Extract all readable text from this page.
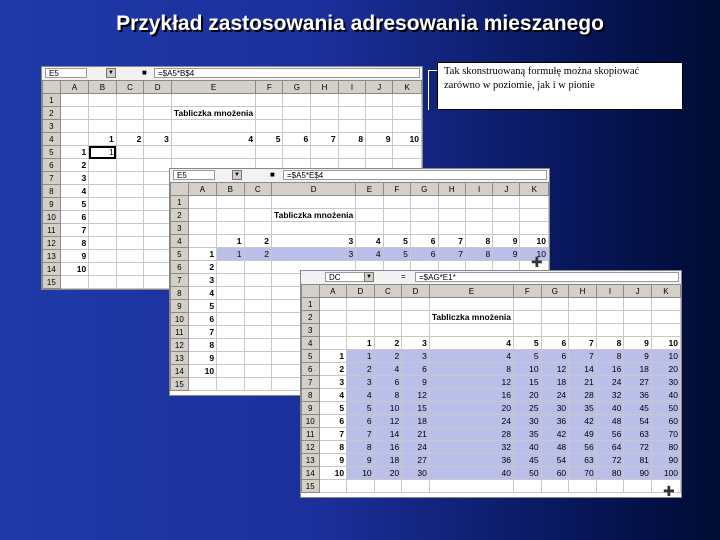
Przykład zastosowania adresowania mieszanego
Tak skonstruowaną formułę można skopiować zarówno w poziomie, jak i w pionie
E5	▼	■	=$A5*B$4
	A	B	C	D	E	F	G	H	I	J	K
1											
2					Tabliczka mnożenia						
3											
4		1	2	3	4	5	6	7	8	9	10
5	1	1									
6	2										
7	3										
8	4										
9	5										
10	6										
11	7										
12	8										
13	9										
14	10										
15											
E5	▼	■	=$A5*E$4
	A	B	C	D	E	F	G	H	I	J	K
1											
2				Tabliczka mnożenia							
3											
4		1	2	3	4	5	6	7	8	9	10
5	1	1	2	3	4	5	6	7	8	9	10
6	2										
7	3										
8	4										
9	5										
10	6										
11	7										
12	8										
13	9										
14	10										
15											
DC	▼	=	=$AG*E1*
	A	D	C	D	E	F	G	H	I	J	K
1											
2					Tabliczka mnożenia						
3											
4		1	2	3	4	5	6	7	8	9	10
5	1	1	2	3	4	5	6	7	8	9	10
6	2	2	4	6	8	10	12	14	16	18	20
7	3	3	6	9	12	15	18	21	24	27	30
8	4	4	8	12	16	20	24	28	32	36	40
9	5	5	10	15	20	25	30	35	40	45	50
10	6	6	12	18	24	30	36	42	48	54	60
11	7	7	14	21	28	35	42	49	56	63	70
12	8	8	16	24	32	40	48	56	64	72	80
13	9	9	18	27	36	45	54	63	72	81	90
14	10	10	20	30	40	50	60	70	80	90	100
15											
✚
✚
